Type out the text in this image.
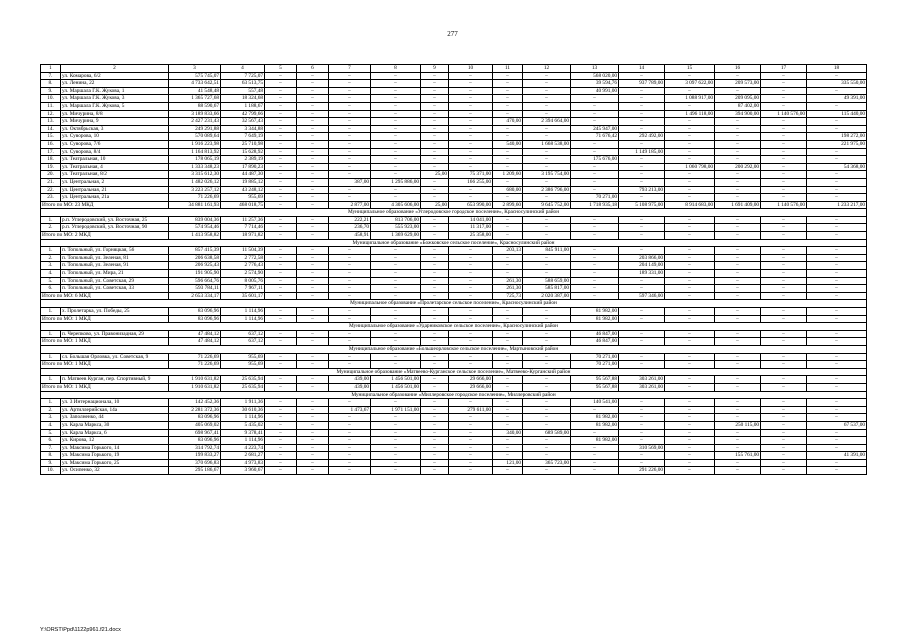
277
1	2	3	4	5	6	7	8	9	10	11	12	13	14	15	16	17	18
7.	ул. Комарова, 6/2	575 745,07	7 725,07	–	–	–	–	–	–	–	–	568 020,00	–	–	–	–	–
8.	ул. Ленина, 22	4 733 642,51	63 513,75	–	–	–	–	–	–	–	–	39 594,76	937 789,00	3 097 622,00	209 573,00	–	335 550,00
9.	ул. Маршала Г.К. Жукова, 1	41 548,48	557,48	–	–	–	–	–	–	–	–	40 991,00	–	–	–	–	–
10.	ул. Маршала Г.К. Жукова, 3	1 365 727,68	18 324,68	–	–	–	–	–	–	–	–	–	–	1 088 917,00	209 095,00	–	49 391,00
11.	ул. Маршала Г.К. Жукова, 5	88 590,67	1 188,67	–	–	–	–	–	–	–	–	–	–	–	87 402,00	–	–
12.	ул. Мичурина, 8/8	3 189 833,66	42 799,66	–	–	–	–	–	–	–	–	–	–	1 496 118,00	394 900,00	1 140 576,00	115 440,00
13.	ул. Мичурина, 9	2 427 231,43	32 567,43	–	–	–	–	–	–	470,00	2 394 664,00	–	–	–	–	–	–
14.	ул. Октябрьская, 3	249 291,88	3 344,88	–	–	–	–	–	–	–	–	245 947,00	–	–	–	–	–
15.	ул. Суворова, 10	570 089,64	7 649,19	–	–	–	–	–	–	–	–	71 676,42	292 492,00	–	–	–	198 272,00
16.	ул. Суворова, 7/6	1 916 223,98	25 710,98	–	–	–	–	–	–	540,00	1 668 538,00	–	–	–	–	–	221 975,00
17.	ул. Суворова, 8/4	1 164 813,92	15 628,92	–	–	–	–	–	–	–	–	–	1 149 185,00	–	–	–	–
18.	ул. Театральная, 10	178 065,19	2 389,19	–	–	–	–	–	–	–	–	175 676,00	–	–	–	–	–
19.	ул. Театральная, 4	1 333 348,23	17 890,23	–	–	–	–	–	–	–	–	–	–	1 060 798,00	200 292,00	–	54 368,00
20.	ул. Театральная, 8/2	3 315 612,30	44 487,30	–	–	–	–	25,00	75 371,00	1 209,60	3 195 754,00	–	–	–	–	–	–
21.	ул. Центральная, 2	1 482 026,12	19 885,12	–	–	387,00	1 295 886,00	–	166 255,00	–	–	–	–	–	–	–	–
22.	ул. Центральная, 21	3 223 257,12	43 248,12	–	–	–	–	–	–	680,00	2 386 796,00	–	793 213,00	–	–	–	–
23.	ул. Центральная, 21а	71 226,69	955,69	–	–	–	–	–	–	–	–	70 271,00	–	–	–	–	–
Итого по МО: 23 МКД		34 881 161,93	468 018,75	–	–	2 877,00	4 305 606,00	25,00	653 990,00	2 899,60	9 645 752,00	1 718 935,18	5 108 975,00	8 914 683,00	1 691 409,00	1 140 576,00	1 233 217,00
Муниципальное образование «Углеродовское городское поселение», Красносулинский район																	
1.	р.п. Углеродовский, ул. Восточная, 25	839 004,36	11 257,36	–	–	222,21	813 706,00	–	14 041,00	–	–	–	–	–	–	–	–
2.	р.п. Углеродовский, ул. Восточная, 90	574 954,46	7 714,46	–	–	236,70	555 923,00	–	11 317,00	–	–	–	–	–	–	–	–
Итого по МО: 2 МКД		1 413 958,82	18 971,82	–	–	458,91	1 369 629,00	–	25 358,00	–	–	–	–	–	–	–	–
Муниципальное образование «Божковское сельское поселение», Красносулинский район																	
1.	п. Топольный, ул. Горняцкая, 56	857 415,39	11 504,39	–	–	–	–	–	–	203,13	845 911,00	–	–	–	–	–	–
2.	п. Топольный, ул. Зеленая, 81	206 638,58	2 772,58	–	–	–	–	–	–	–	–	–	203 866,00	–	–	–	–
3.	п. Топольный, ул. Зеленая, 91	206 925,43	2 776,43	–	–	–	–	–	–	–	–	–	204 149,00	–	–	–	–
4.	п. Топольный, ул. Мира, 21	191 905,90	2 574,90	–	–	–	–	–	–	–	–	–	189 331,00	–	–	–	–
5.	п. Топольный, ул. Советская, 29	596 664,76	8 005,76	–	–	–	–	–	–	261,30	588 659,00	–	–	–	–	–	–
6.	п. Топольный, ул. Советская, 33	593 784,11	7 967,11	–	–	–	–	–	–	261,30	585 817,00	–	–	–	–	–	–
Итого по МО: 6 МКД		2 653 334,17	35 601,17	–	–	–	–	–	–	725,73	2 020 387,00	–	597 346,00	–	–	–	–
Муниципальное образование «Пролетарское сельское поселение», Красносулинский район																	
1.	х. Пролетарка, ул. Победы, 25	83 096,96	1 114,96	–	–	–	–	–	–	–	–	81 982,00	–	–	–	–	–
Итого по МО: 1 МКД		83 096,96	1 114,96	–	–	–	–	–	–	–	–	81 982,00	–	–	–	–	–
Муниципальное образование «Ударниковское сельское поселение», Красносулинский район																	
1.	п. Черепково, ул. Правонизадная, 29	47 484,12	637,12	–	–	–	–	–	–	–	–	46 847,00	–	–	–	–	–
Итого по МО: 1 МКД		47 484,12	637,12	–	–	–	–	–	–	–	–	46 847,00	–	–	–	–	–
Муниципальное образование «Большеорловское сельское поселение», Мартыновский район																	
1.	сл. Большая Орловка, ул. Советская, 9	71 226,69	955,69	–	–	–	–	–	–	–	–	70 271,00	–	–	–	–	–
Итого по МО: 1 МКД		71 226,69	955,69	–	–	–	–	–	–	–	–	70 271,00	–	–	–	–	–
Муниципальное образование «Матвеево-Курганское сельское поселение», Матвеево-Курганский район																	
1.	п. Матвеев Курган, пер. Спортивный, 9	1 910 631,82	25 635,94	–	–	439,00	1 456 501,00	–	29 666,00	–	–	95 567,88	303 261,00	–	–	–	–
Итого по МО: 1 МКД		1 910 631,82	25 635,94	–	–	439,00	1 456 501,00	–	29 666,00	–	–	95 567,88	303 261,00	–	–	–	–
Муниципальное образование «Миллеровское городское поселение», Миллеровский район																	
1.	ул. 3 Интернационала, 10	142 452,36	1 911,36	–	–	–	–	–	–	–	–	140 541,00	–	–	–	–	–
2.	ул. Артиллерийская, 14а	2 281 372,36	30 610,36	–	–	1 473,67	1 971 151,00	–	279 611,00	–	–	–	–	–	–	–	–
3.	ул. Заполненко, 44	83 096,96	1 114,96	–	–	–	–	–	–	–	–	81 982,00	–	–	–	–	–
4.	ул. Карла Маркса, 30	405 069,02	5 435,02	–	–	–	–	–	–	–	–	81 982,00	–	–	250 115,00	–	67 537,00
5.	ул. Карла Маркса, 6	698 967,41	9 378,41	–	–	–	–	–	–	340,00	689 589,00	–	–	–	–	–	–
6.	ул. Кирова, 12	83 096,96	1 114,96	–	–	–	–	–	–	–	–	81 982,00	–	–	–	–	–
7.	ул. Максима Горького, 14	314 792,74	4 223,74	–	–	–	–	–	–	–	–	–	310 569,00	–	–	–	–
8.	ул. Максима Горького, 19	199 833,27	2 681,27	–	–	–	–	–	–	–	–	–	–	–	155 761,00	–	41 391,00
9.	ул. Максима Горького, 25	370 696,83	4 973,83	–	–	–	–	–	–	121,00	365 723,00	–	–	–	–	–	–
10.	ул. Осипенко, 32	295 186,67	3 960,67	–	–	–	–	–	–	–	–	–	291 226,00	–	–	–	–
Y:\ORST\Ppd\1122p961.f21.docx
